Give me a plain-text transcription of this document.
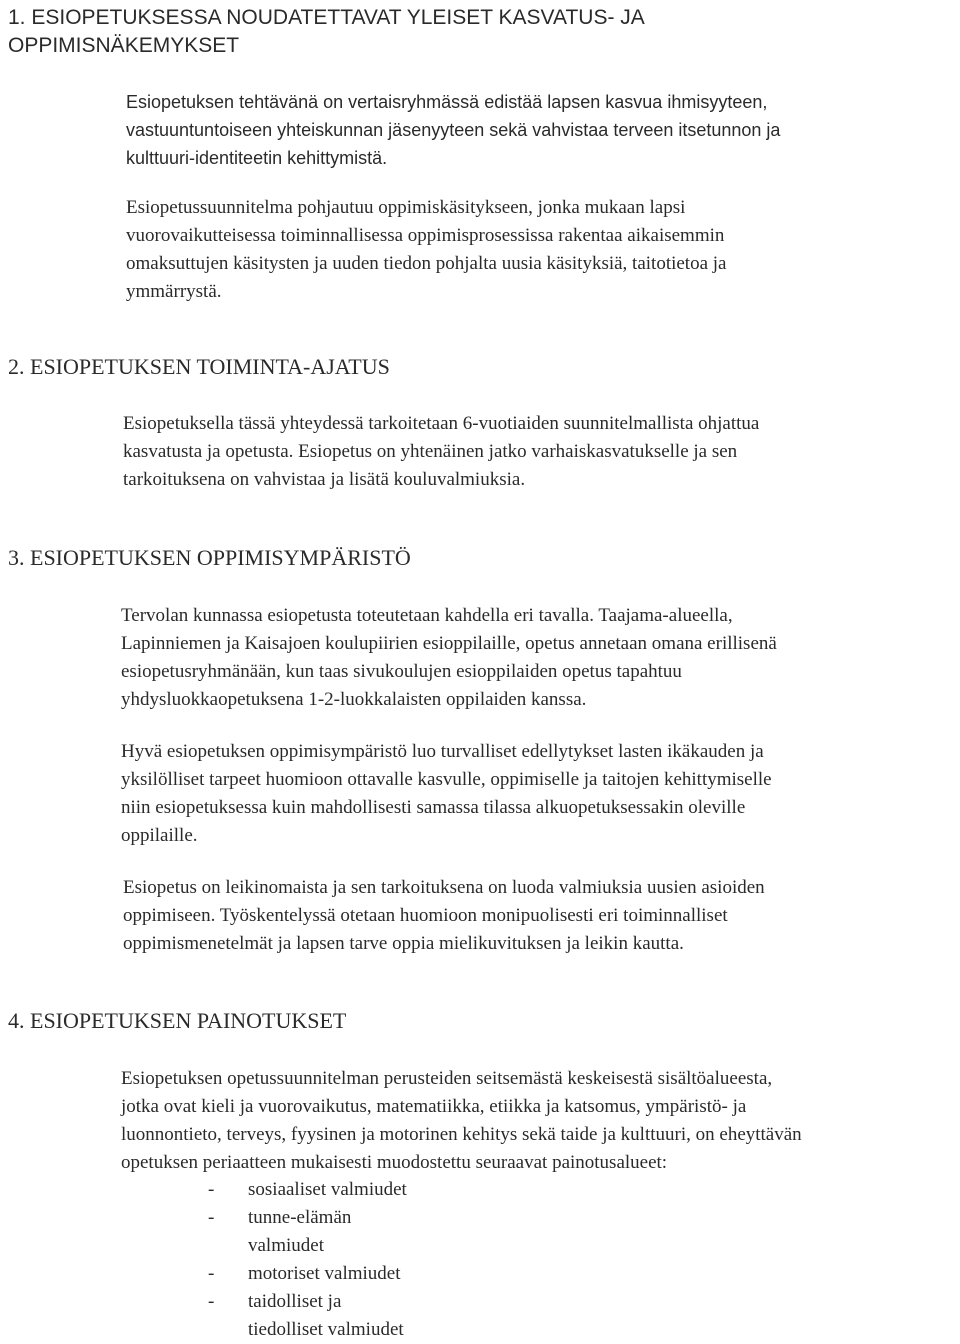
1. ESIOPETUKSESSA NOUDATETTAVAT YLEISET KASVATUS- JA
OPPIMISNÄKEMYKSET

Esiopetuksen tehtävänä on vertaisryhmässä edistää lapsen kasvua ihmisyyteen,
vastuuntuntoiseen yhteiskunnan jäsenyyteen sekä vahvistaa terveen itsetunnon ja
kulttuuri-identiteetin kehittymistä.

Esiopetussuunnitelma pohjautuu oppimiskäsitykseen, jonka mukaan lapsi
vuorovaikutteisessa toiminnallisessa oppimisprosessissa rakentaa aikaisemmin
omaksuttujen käsitysten ja uuden tiedon pohjalta uusia käsityksiä, taitotietoa ja
ymmärrystä.

2. ESIOPETUKSEN TOIMINTA-AJATUS

Esiopetuksella tässä yhteydessä tarkoitetaan 6-vuotiaiden suunnitelmallista ohjattua
kasvatusta ja opetusta. Esiopetus on yhtenäinen jatko varhaiskasvatukselle ja sen
tarkoituksena on vahvistaa ja lisätä kouluvalmiuksia.

3. ESIOPETUKSEN OPPIMISYMPÄRISTÖ

Tervolan kunnassa esiopetusta toteutetaan kahdella eri tavalla. Taajama-alueella,
Lapinniemen ja Kaisajoen koulupiirien esioppilaille, opetus annetaan omana erillisenä
esiopetusryhmänään, kun taas sivukoulujen esioppilaiden opetus tapahtuu
yhdysluokkaopetuksena 1-2-luokkalaisten oppilaiden kanssa.

Hyvä esiopetuksen oppimisympäristö luo turvalliset edellytykset lasten ikäkauden ja
yksilölliset tarpeet huomioon ottavalle kasvulle, oppimiselle ja taitojen kehittymiselle
niin esiopetuksessa kuin mahdollisesti samassa tilassa alkuopetuksessakin oleville
oppilaille.

Esiopetus on leikinomaista ja sen tarkoituksena on luoda valmiuksia uusien asioiden
oppimiseen. Työskentelyssä otetaan huomioon monipuolisesti eri toiminnalliset
oppimismenetelmät ja lapsen tarve oppia mielikuvituksen ja leikin kautta.

4. ESIOPETUKSEN PAINOTUKSET

Esiopetuksen opetussuunnitelman perusteiden seitsemästä keskeisestä sisältöalueesta,
jotka ovat kieli ja vuorovaikutus, matematiikka, etiikka ja katsomus, ympäristö- ja
luonnontieto, terveys, fyysinen ja motorinen kehitys sekä taide ja kulttuuri, on eheyttävän
opetuksen periaatteen mukaisesti muodostettu seuraavat painotusalueet:

-	sosiaaliset valmiudet
-	tunne-elämän
valmiudet
-	motoriset valmiudet
-	taidolliset ja
tiedolliset valmiudet
